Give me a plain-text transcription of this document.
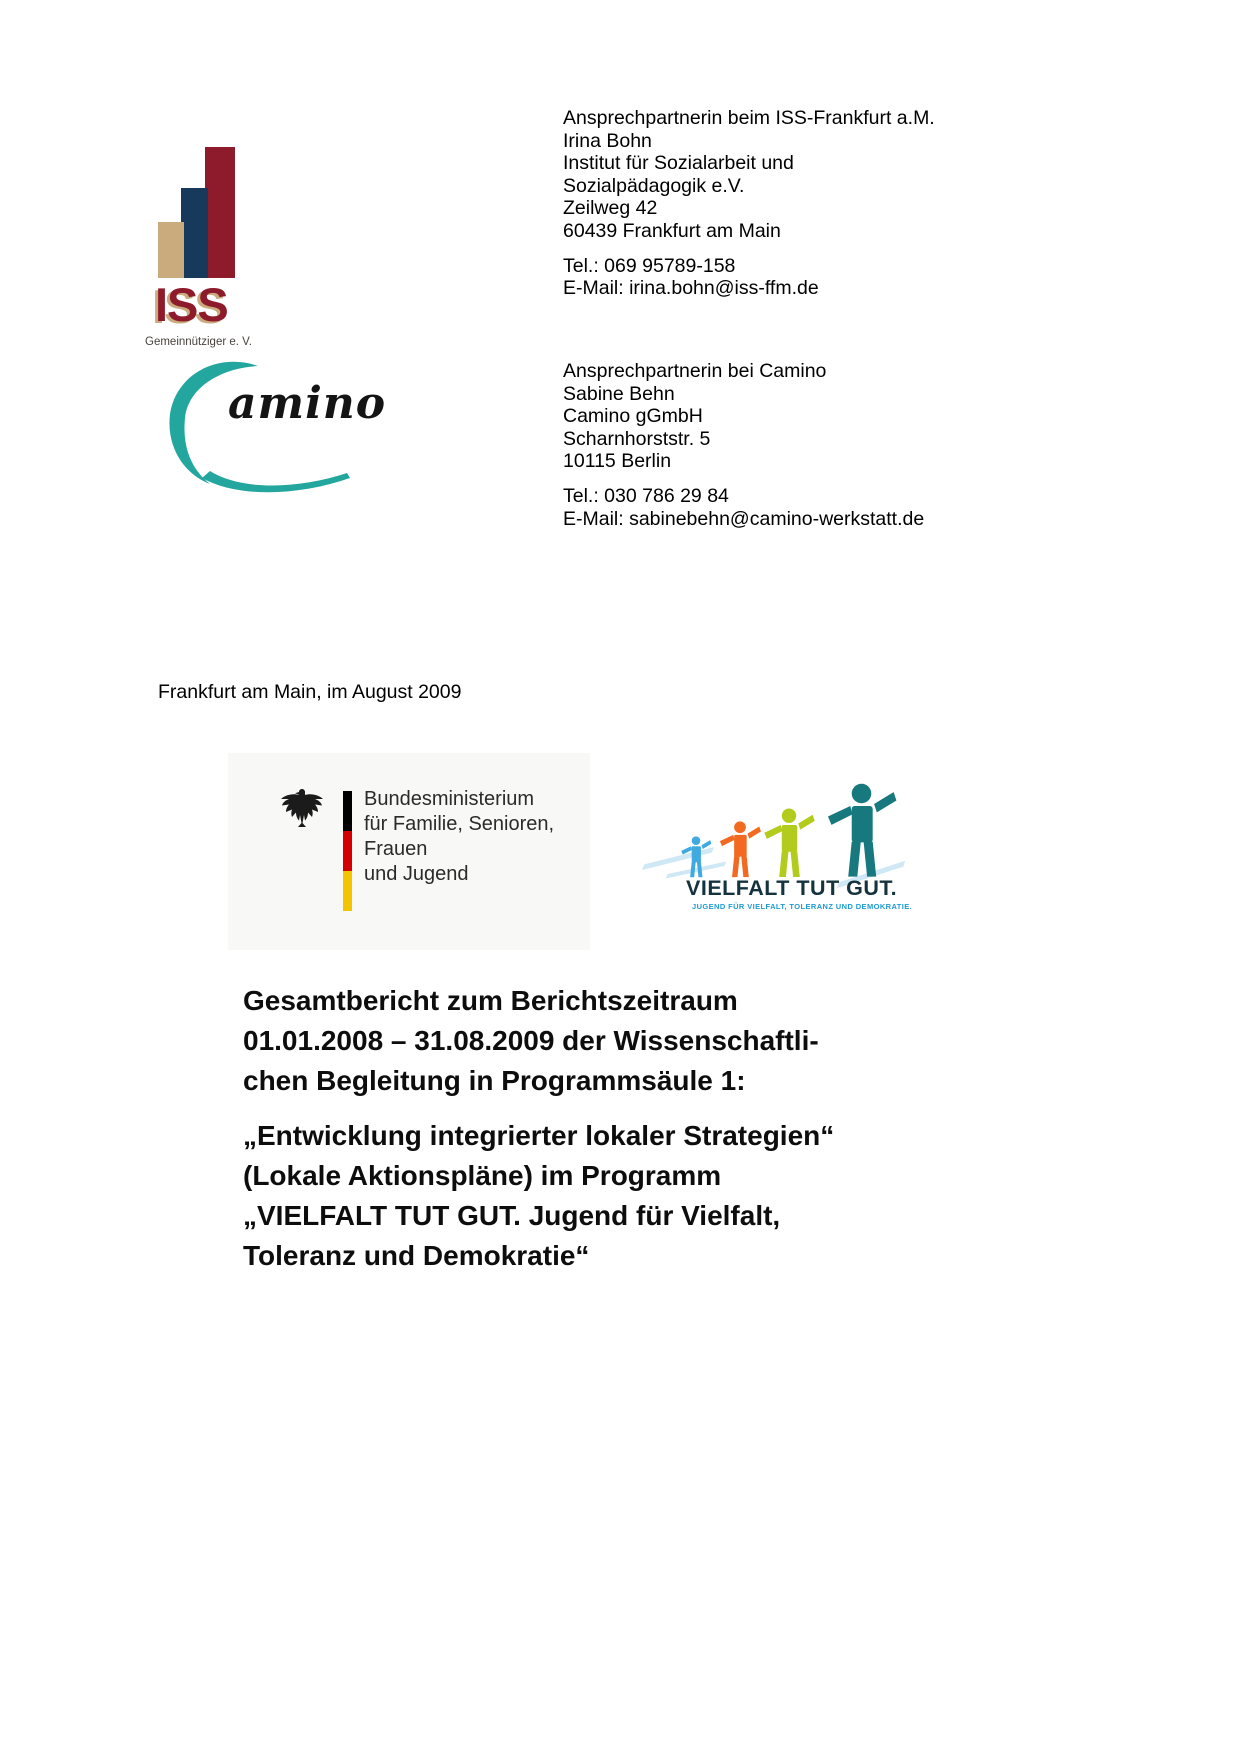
ISS
Gemeinnütziger e. V.
Ansprechpartnerin beim ISS-Frankfurt a.M.
Irina Bohn
Institut für Sozialarbeit und
Sozialpädagogik e.V.
Zeilweg 42
60439 Frankfurt am Main
Tel.: 069 95789-158
E-Mail: irina.bohn@iss-ffm.de
amino
Ansprechpartnerin bei Camino
Sabine Behn
Camino gGmbH
Scharnhorststr. 5
10115 Berlin
Tel.: 030 786 29 84
E-Mail: sabinebehn@camino-werkstatt.de
Frankfurt am Main, im August 2009
Bundesministerium
für Familie, Senioren, Frauen
und Jugend
VIELFALT TUT GUT.
JUGEND FÜR VIELFALT, TOLERANZ UND DEMOKRATIE.
Gesamtbericht zum Berichtszeitraum
01.01.2008 – 31.08.2009 der Wissenschaftli-
chen Begleitung in Programmsäule 1:
„Entwicklung integrierter lokaler Strategien“
(Lokale Aktionspläne) im Programm
„VIELFALT TUT GUT. Jugend für Vielfalt,
Toleranz und Demokratie“
